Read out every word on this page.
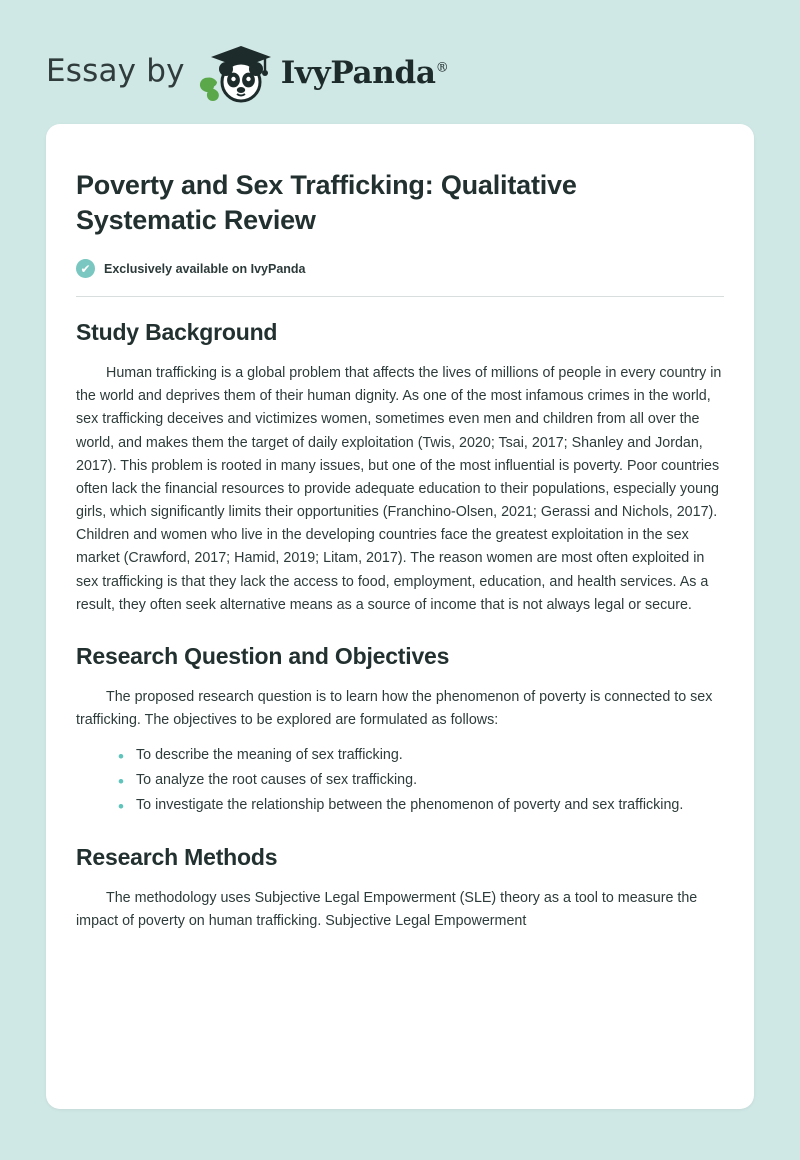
Essay by	IvyPanda®
Poverty and Sex Trafficking: Qualitative Systematic Review
✔	Exclusively available on IvyPanda
Study Background

Human trafficking is a global problem that affects the lives of millions of people in every country in the world and deprives them of their human dignity. As one of the most infamous crimes in the world, sex trafficking deceives and victimizes women, sometimes even men and children from all over the world, and makes them the target of daily exploitation (Twis, 2020; Tsai, 2017; Shanley and Jordan, 2017). This problem is rooted in many issues, but one of the most influential is poverty. Poor countries often lack the financial resources to provide adequate education to their populations, especially young girls, which significantly limits their opportunities (Franchino-Olsen, 2021; Gerassi and Nichols, 2017). Children and women who live in the developing countries face the greatest exploitation in the sex market (Crawford, 2017; Hamid, 2019; Litam, 2017). The reason women are most often exploited in sex trafficking is that they lack the access to food, employment, education, and health services. As a result, they often seek alternative means as a source of income that is not always legal or secure.

Research Question and Objectives

The proposed research question is to learn how the phenomenon of poverty is connected to sex trafficking. The objectives to be explored are formulated as follows:

• To describe the meaning of sex trafficking.
• To analyze the root causes of sex trafficking.
• To investigate the relationship between the phenomenon of poverty and sex trafficking.
Research Methods

The methodology uses Subjective Legal Empowerment (SLE) theory as a tool to measure the impact of poverty on human trafficking. Subjective Legal Empowerment
